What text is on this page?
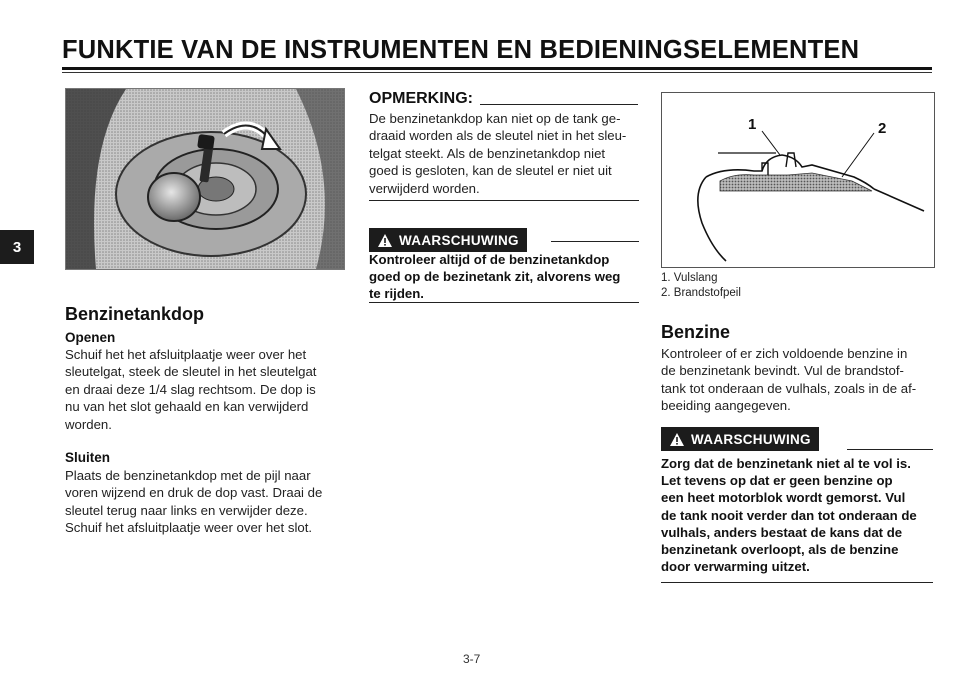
FUNKTIE VAN DE INSTRUMENTEN EN BEDIENINGSELEMENTEN
3
Benzinetankdop
Openen
Schuif het het afsluitplaatje weer over het
sleutelgat, steek de sleutel in het sleutelgat
en draai deze 1/4 slag rechtsom. De dop is
nu van het slot gehaald en kan verwijderd
worden.
Sluiten
Plaats de benzinetankdop met de pijl naar
voren wijzend en druk de dop vast. Draai de
sleutel terug naar links en verwijder deze.
Schuif het afsluitplaatje weer over het slot.
OPMERKING:
De benzinetankdop kan niet op de tank ge-
draaid worden als de sleutel niet in het sleu-
telgat steekt. Als de benzinetankdop niet
goed is gesloten, kan de sleutel er niet uit
verwijderd worden.
WAARSCHUWING
Kontroleer altijd of de benzinetankdop
goed op de bezinetank zit, alvorens weg
te rijden.
1	2
1. Vulslang
2. Brandstofpeil
Benzine
Kontroleer of er zich voldoende benzine in
de benzinetank bevindt. Vul de brandstof-
tank tot onderaan de vulhals, zoals in de af-
beeiding aangegeven.
WAARSCHUWING
Zorg dat de benzinetank niet al te vol is.
Let tevens op dat er geen benzine op
een heet motorblok wordt gemorst. Vul
de tank nooit verder dan tot onderaan de
vulhals, anders bestaat de kans dat de
benzinetank overloopt, als de benzine
door verwarming uitzet.
3-7
